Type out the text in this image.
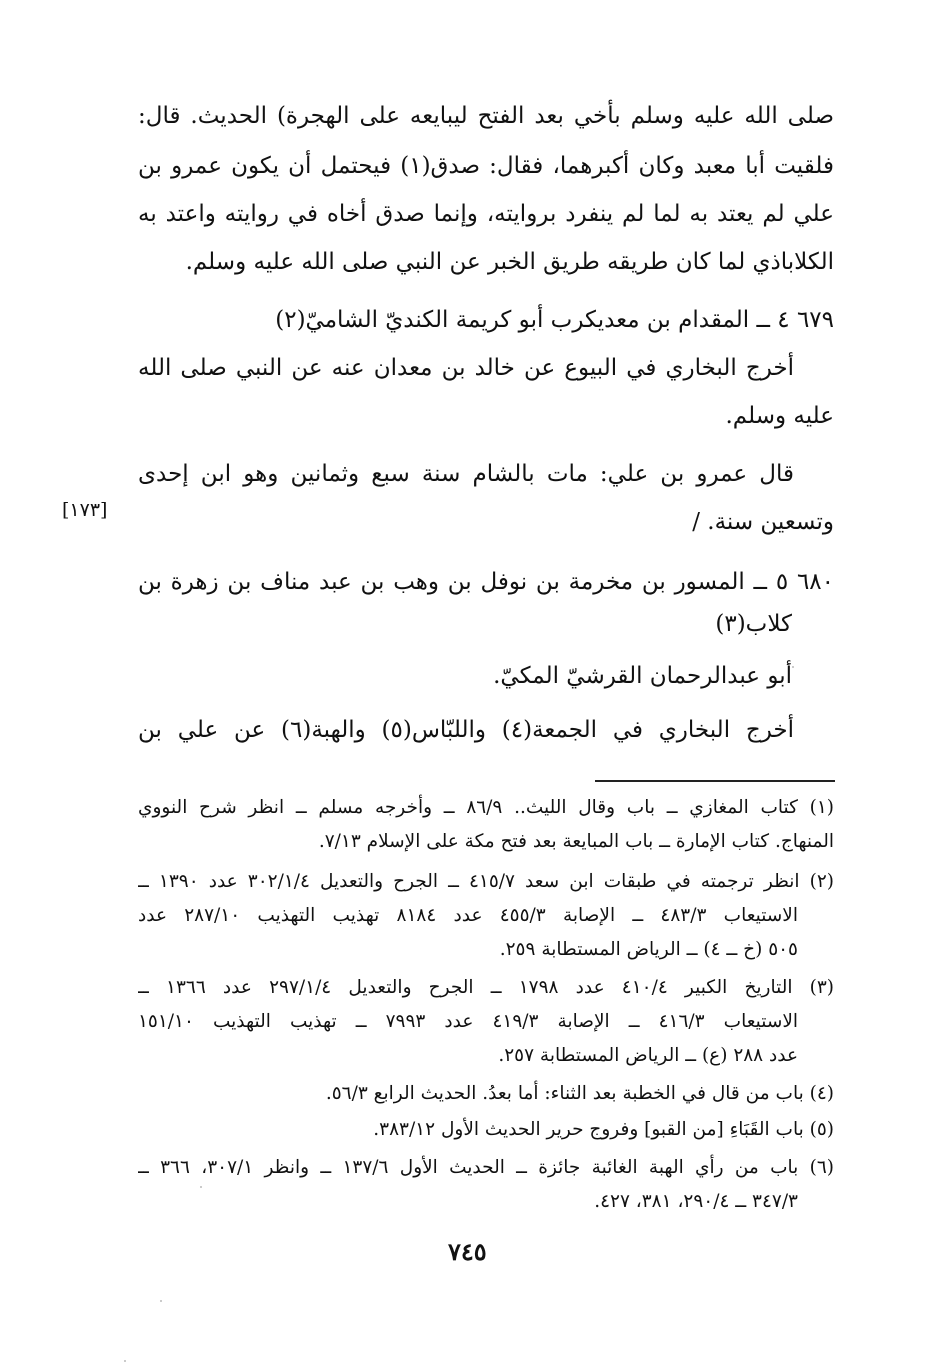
صلى الله عليه وسلم بأخي بعد الفتح ليبايعه على الهجرة) الحديث. قال:
فلقيت أبا معبد وكان أكبرهما، فقال: صدق(١) فيحتمل أن يكون عمرو بن
علي لم يعتد به لما لم ينفرد بروايته، وإنما صدق أخاه في روايته واعتد به
الكلاباذي لما كان طريقه طريق الخبر عن النبي صلى الله عليه وسلم.
٦٧٩ ٤ ــ المقدام بن معديكرب أبو كريمة الكنديّ الشاميّ(٢)
أخرج البخاري في البيوع عن خالد بن معدان عنه عن النبي صلى الله
عليه وسلم.
قال عمرو بن علي: مات بالشام سنة سبع وثمانين وهو ابن إحدى
وتسعين سنة. /
[١٧٣]
٦٨٠ ٥ ــ المسور بن مخرمة بن نوفل بن وهب بن عبد مناف بن زهرة بن
كلاب(٣)
أبو عبدالرحمان القرشيّ المكيّ.
أخرج البخاري في الجمعة(٤) واللبّاس(٥) والهبة(٦) عن علي بن
(١) كتاب المغازي ــ باب وقال الليث.. ٨٦/٩ ــ وأخرجه مسلم ــ انظر شرح النووي
المنهاج. كتاب الإمارة ــ باب المبايعة بعد فتح مكة على الإسلام ٧/١٣.
(٢) انظر ترجمته في طبقات ابن سعد ٤١٥/٧ ــ الجرح والتعديل ٣٠٢/١/٤ عدد ١٣٩٠ ــ
الاستيعاب ٤٨٣/٣ ــ الإصابة ٤٥٥/٣ عدد ٨١٨٤ تهذيب التهذيب ٢٨٧/١٠ عدد
٥٠٥ (خ ــ ٤) ــ الرياض المستطابة ٢٥٩.
(٣) التاريخ الكبير ٤١٠/٤ عدد ١٧٩٨ ــ الجرح والتعديل ٢٩٧/١/٤ عدد ١٣٦٦ ــ
الاستيعاب ٤١٦/٣ ــ الإصابة ٤١٩/٣ عدد ٧٩٩٣ ــ تهذيب التهذيب ١٥١/١٠
عدد ٢٨٨ (ع) ــ الرياض المستطابة ٢٥٧.
(٤) باب من قال في الخطبة بعد الثناء: أما بعدُ. الحديث الرابع ٥٦/٣.
(٥) باب القَبَاءِ [من القبو] وفروج حرير الحديث الأول ٣٨٣/١٢.
(٦) باب من رأي الهبة الغائبة جائزة ــ الحديث الأول ١٣٧/٦ ــ وانظر ٣٠٧/١، ٣٦٦ ــ
٣٤٧/٣ ــ ٢٩٠/٤، ٣٨١، ٤٢٧.
٧٤٥
